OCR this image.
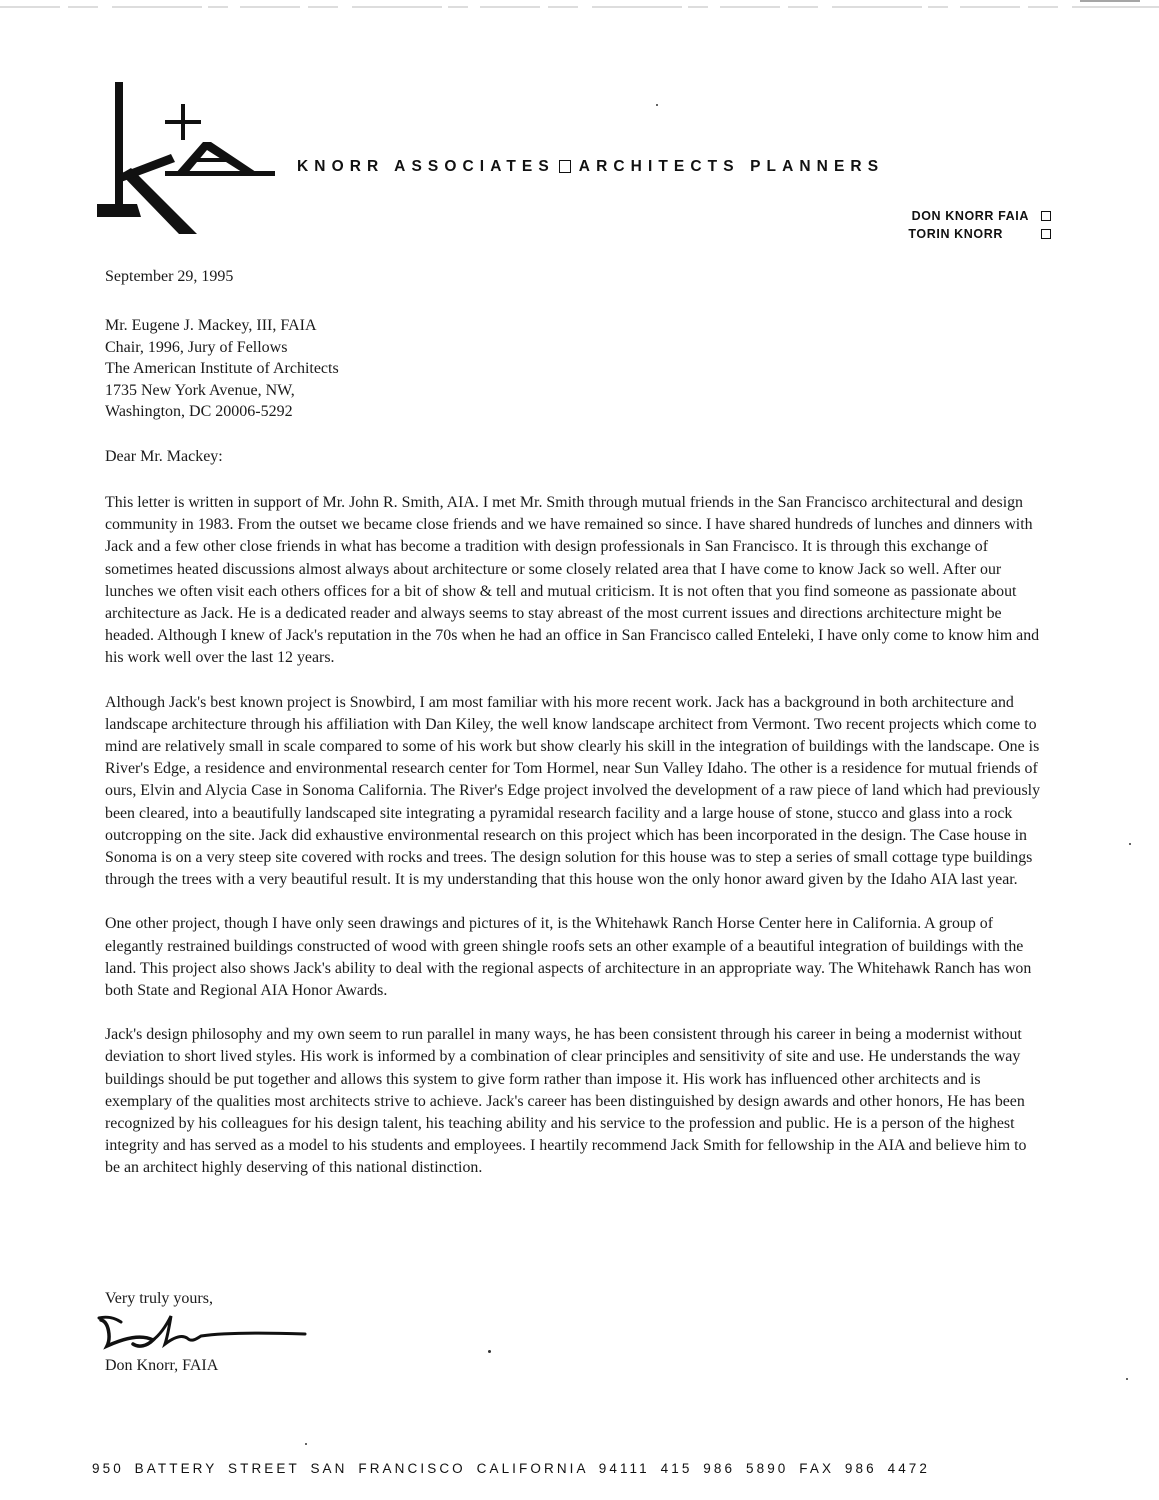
KNORR ASSOCIATES ARCHITECTS PLANNERS
DON KNORR FAIA
TORIN KNORR
September 29, 1995
Mr. Eugene J. Mackey, III, FAIA
Chair, 1996, Jury of Fellows
The American Institute of Architects
1735 New York Avenue, NW,
Washington, DC 20006-5292
Dear Mr. Mackey:

This letter is written in support of Mr. John R. Smith, AIA. I met Mr. Smith through mutual friends in the San Francisco architectural and design community in 1983. From the outset we became close friends and we have remained so since. I have shared hundreds of lunches and dinners with Jack and a few other close friends in what has become a tradition with design professionals in San Francisco. It is through this exchange of sometimes heated discussions almost always about architecture or some closely related area that I have come to know Jack so well. After our lunches we often visit each others offices for a bit of show & tell and mutual criticism. It is not often that you find someone as passionate about architecture as Jack. He is a dedicated reader and always seems to stay abreast of the most current issues and directions architecture might be headed. Although I knew of Jack's reputation in the 70s when he had an office in San Francisco called Enteleki, I have only come to know him and his work well over the last 12 years.

Although Jack's best known project is Snowbird, I am most familiar with his more recent work. Jack has a background in both architecture and landscape architecture through his affiliation with Dan Kiley, the well know landscape architect from Vermont. Two recent projects which come to mind are relatively small in scale compared to some of his work but show clearly his skill in the integration of buildings with the landscape. One is River's Edge, a residence and environmental research center for Tom Hormel, near Sun Valley Idaho. The other is a residence for mutual friends of ours, Elvin and Alycia Case in Sonoma California. The River's Edge project involved the development of a raw piece of land which had previously been cleared, into a beautifully landscaped site integrating a pyramidal research facility and a large house of stone, stucco and glass into a rock outcropping on the site. Jack did exhaustive environmental research on this project which has been incorporated in the design. The Case house in Sonoma is on a very steep site covered with rocks and trees. The design solution for this house was to step a series of small cottage type buildings through the trees with a very beautiful result. It is my understanding that this house won the only honor award given by the Idaho AIA last year.

One other project, though I have only seen drawings and pictures of it, is the Whitehawk Ranch Horse Center here in California. A group of elegantly restrained buildings constructed of wood with green shingle roofs sets an other example of a beautiful integration of buildings with the land. This project also shows Jack's ability to deal with the regional aspects of architecture in an appropriate way. The Whitehawk Ranch has won both State and Regional AIA Honor Awards.

Jack's design philosophy and my own seem to run parallel in many ways, he has been consistent through his career in being a modernist without deviation to short lived styles. His work is informed by a combination of clear principles and sensitivity of site and use. He understands the way buildings should be put together and allows this system to give form rather than impose it. His work has influenced other architects and is exemplary of the qualities most architects strive to achieve. Jack's career has been distinguished by design awards and other honors, He has been recognized by his colleagues for his design talent, his teaching ability and his service to the profession and public. He is a person of the highest integrity and has served as a model to his students and employees. I heartily recommend Jack Smith for fellowship in the AIA and believe him to be an architect highly deserving of this national distinction.

Very truly yours,
Don Knorr, FAIA
950 BATTERY STREET SAN FRANCISCO CALIFORNIA 94111 415 986 5890 FAX 986 4472
